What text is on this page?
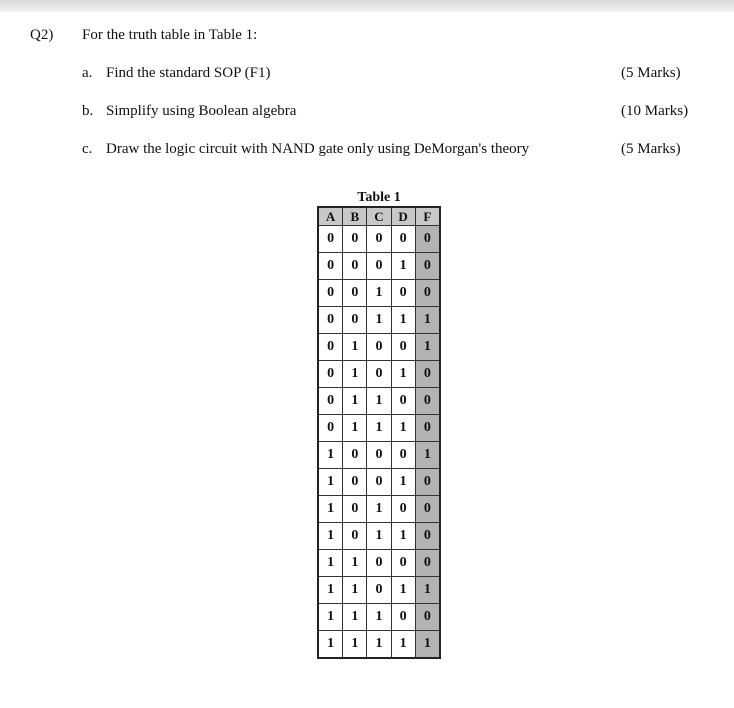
Q2) For the truth table in Table 1:
a. Find the standard SOP (F1)	(5 Marks)
b. Simplify using Boolean algebra	(10 Marks)
c. Draw the logic circuit with NAND gate only using DeMorgan's theory	(5 Marks)
Table 1
A	B	C	D	F
0	0	0	0	0
0	0	0	1	0
0	0	1	0	0
0	0	1	1	1
0	1	0	0	1
0	1	0	1	0
0	1	1	0	0
0	1	1	1	0
1	0	0	0	1
1	0	0	1	0
1	0	1	0	0
1	0	1	1	0
1	1	0	0	0
1	1	0	1	1
1	1	1	0	0
1	1	1	1	1
